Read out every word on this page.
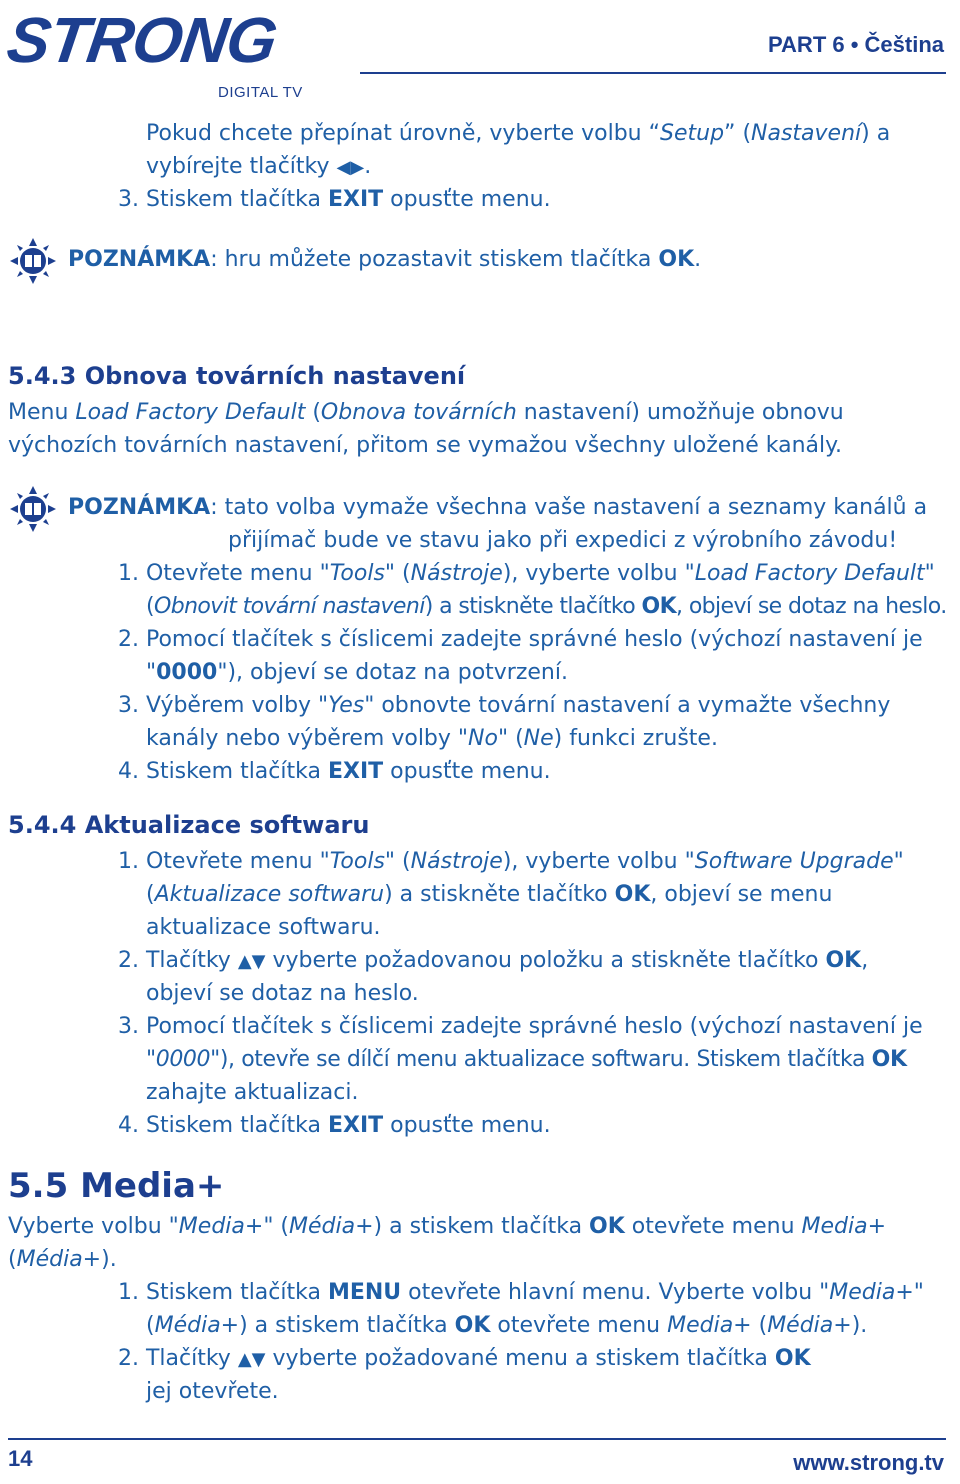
STRONG
DIGITAL TV
PART 6 • Čeština
Pokud chcete přepínat úrovně, vyberte volbu “Setup” (Nastavení) a
vybírejte tlačítky ◀▶.
3. Stiskem tlačítka EXIT opusťte menu.
POZNÁMKA: hru můžete pozastavit stiskem tlačítka OK.
5.4.3 Obnova továrních nastavení
Menu Load Factory Default (Obnova továrních nastavení) umožňuje obnovu
výchozích továrních nastavení, přitom se vymažou všechny uložené kanály.
POZNÁMKA: tato volba vymaže všechna vaše nastavení a seznamy kanálů a
přijímač bude ve stavu jako při expedici z výrobního závodu!
1. Otevřete menu "Tools" (Nástroje), vyberte volbu "Load Factory Default"
(Obnovit tovární nastavení) a stiskněte tlačítko OK, objeví se dotaz na heslo.
2. Pomocí tlačítek s číslicemi zadejte správné heslo (výchozí nastavení je
"0000"), objeví se dotaz na potvrzení.
3. Výběrem volby "Yes" obnovte tovární nastavení a vymažte všechny
kanály nebo výběrem volby "No" (Ne) funkci zrušte.
4. Stiskem tlačítka EXIT opusťte menu.
5.4.4 Aktualizace softwaru
1. Otevřete menu "Tools" (Nástroje), vyberte volbu "Software Upgrade"
(Aktualizace softwaru) a stiskněte tlačítko OK, objeví se menu
aktualizace softwaru.
2. Tlačítky ▲▼ vyberte požadovanou položku a stiskněte tlačítko OK,
objeví se dotaz na heslo.
3. Pomocí tlačítek s číslicemi zadejte správné heslo (výchozí nastavení je
"0000"), otevře se dílčí menu aktualizace softwaru. Stiskem tlačítka OK
zahajte aktualizaci.
4. Stiskem tlačítka EXIT opusťte menu.
5.5 Media+
Vyberte volbu "Media+" (Média+) a stiskem tlačítka OK otevřete menu Media+
(Média+).
1. Stiskem tlačítka MENU otevřete hlavní menu. Vyberte volbu "Media+"
(Média+) a stiskem tlačítka OK otevřete menu Media+ (Média+).
2. Tlačítky ▲▼ vyberte požadované menu a stiskem tlačítka OK
jej otevřete.
14	www.strong.tv
